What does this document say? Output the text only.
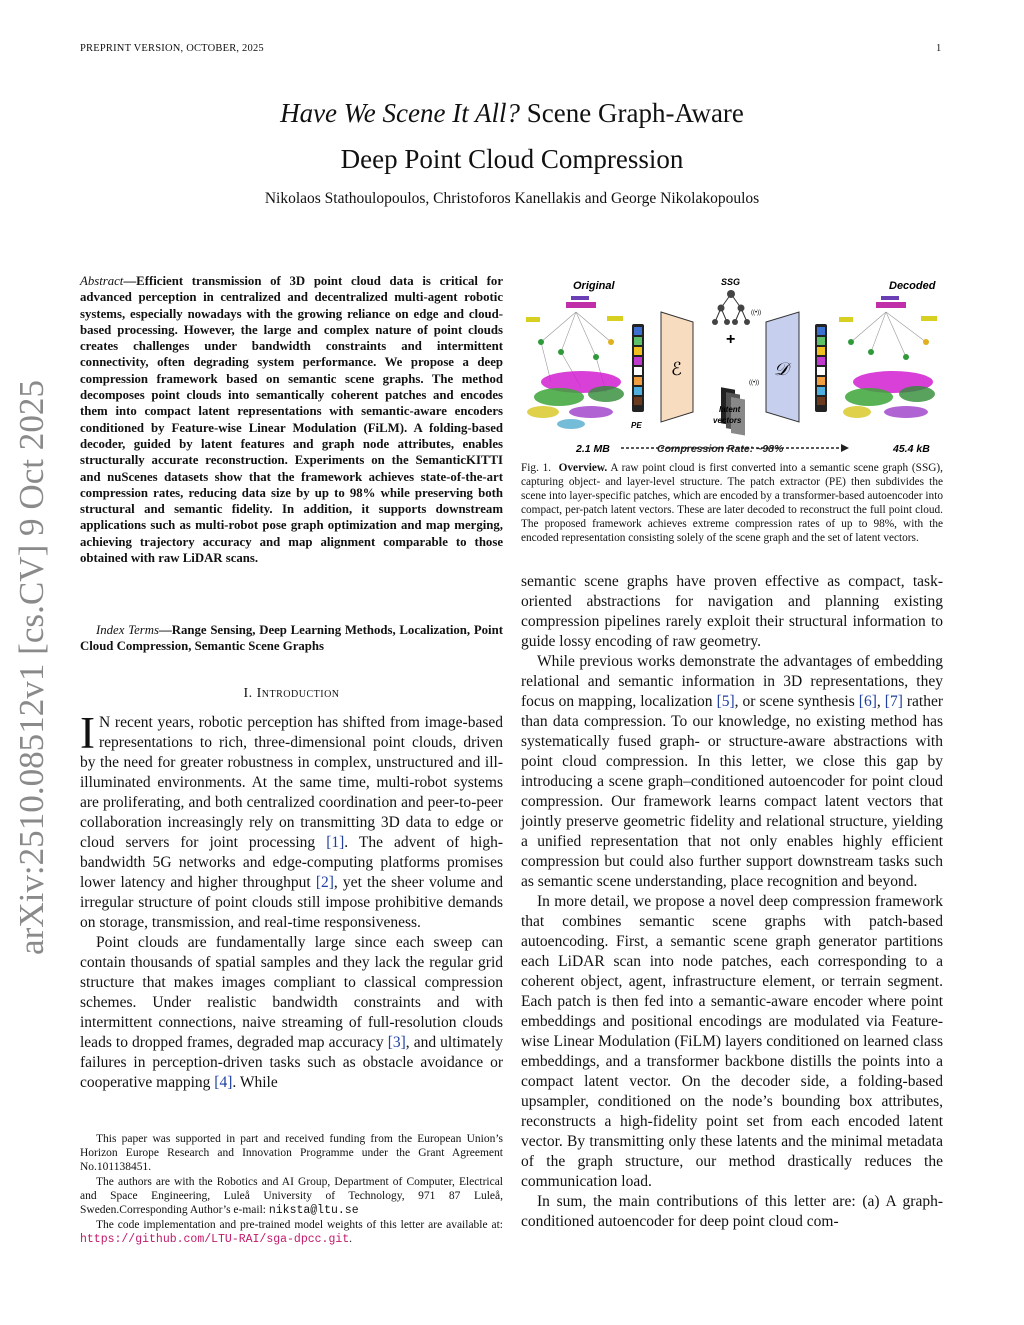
PREPRINT VERSION, OCTOBER, 2025	1
arXiv:2510.08512v1 [cs.CV] 9 Oct 2025
Have We Scene It All? Scene Graph-Aware
Deep Point Cloud Compression
Nikolaos Stathoulopoulos, Christoforos Kanellakis and George Nikolakopoulos
Abstract—Efficient transmission of 3D point cloud data is critical for advanced perception in centralized and decentralized multi-agent robotic systems, especially nowadays with the growing reliance on edge and cloud-based processing. However, the large and complex nature of point clouds creates challenges under bandwidth constraints and intermittent connectivity, often degrading system performance. We propose a deep compression framework based on semantic scene graphs. The method decomposes point clouds into semantically coherent patches and encodes them into compact latent representations with semantic-aware encoders conditioned by Feature-wise Linear Modulation (FiLM). A folding-based decoder, guided by latent features and graph node attributes, enables structurally accurate reconstruction. Experiments on the SemanticKITTI and nuScenes datasets show that the framework achieves state-of-the-art compression rates, reducing data size by up to 98% while preserving both structural and semantic fidelity. In addition, it supports downstream applications such as multi-robot pose graph optimization and map merging, achieving trajectory accuracy and map alignment comparable to those obtained with raw LiDAR scans.
Index Terms—Range Sensing, Deep Learning Methods, Localization, Point Cloud Compression, Semantic Scene Graphs
I. Introduction

I N recent years, robotic perception has shifted from image-based representations to rich, three-dimensional point clouds, driven by the need for greater robustness in complex, unstructured and ill-illuminated environments. At the same time, multi-robot systems are proliferating, and both centralized coordination and peer-to-peer collaboration increasingly rely on transmitting 3D data to edge or cloud servers for joint processing [1]. The advent of high-bandwidth 5G networks and edge-computing platforms promises lower latency and higher throughput [2], yet the sheer volume and irregular structure of point clouds still impose prohibitive demands on storage, transmission, and real-time responsiveness.

Point clouds are fundamentally large since each sweep can contain thousands of spatial samples and they lack the regular grid structure that makes images compliant to classical compression schemes. Under realistic bandwidth constraints and with intermittent connections, naive streaming of full-resolution clouds leads to dropped frames, degraded map accuracy [3], and ultimately failures in perception-driven tasks such as obstacle avoidance or cooperative mapping [4]. While

This paper was supported in part and received funding from the European Union’s Horizon Europe Research and Innovation Programme under the Grant Agreement No.101138451.

The authors are with the Robotics and AI Group, Department of Computer, Electrical and Space Engineering, Luleå University of Technology, 971 87 Luleå, Sweden.Corresponding Author’s e-mail: niksta@ltu.se

The code implementation and pre-trained model weights of this letter are available at: https://github.com/LTU-RAI/sga-dpcc.git.

Original	SSG	Decoded
PE
ℰ
((•))
+
((•))
latent
vectors
𝒟
2.1 MB	Compression Rate: ~98%	45.4 kB
Fig. 1. Overview. A raw point cloud is first converted into a semantic scene graph (SSG), capturing object- and layer-level structure. The patch extractor (PE) then subdivides the scene into layer-specific patches, which are encoded by a transformer-based autoencoder into compact, per-patch latent vectors. These are later decoded to reconstruct the full point cloud. The proposed framework achieves extreme compression rates of up to 98%, with the encoded representation consisting solely of the scene graph and the set of latent vectors.

semantic scene graphs have proven effective as compact, task-oriented abstractions for navigation and planning existing compression pipelines rarely exploit their structural information to guide lossy encoding of raw geometry.

While previous works demonstrate the advantages of embedding relational and semantic information in 3D representations, they focus on mapping, localization [5], or scene synthesis [6], [7] rather than data compression. To our knowledge, no existing method has systematically fused graph- or structure-aware abstractions with point cloud compression. In this letter, we close this gap by introducing a scene graph–conditioned autoencoder for point cloud compression. Our framework learns compact latent vectors that jointly preserve geometric fidelity and relational structure, yielding a unified representation that not only enables highly efficient compression but could also further support downstream tasks such as semantic scene understanding, place recognition and beyond.

In more detail, we propose a novel deep compression framework that combines semantic scene graphs with patch-based autoencoding. First, a semantic scene graph generator partitions each LiDAR scan into node patches, each corresponding to a coherent object, agent, infrastructure element, or terrain segment. Each patch is then fed into a semantic-aware encoder where point embeddings and positional encodings are modulated via Feature-wise Linear Modulation (FiLM) layers conditioned on learned class embeddings, and a transformer backbone distills the points into a compact latent vector. On the decoder side, a folding-based upsampler, conditioned on the node’s bounding box attributes, reconstructs a high-fidelity point set from each encoded latent vector. By transmitting only these latents and the minimal metadata of the graph structure, our method drastically reduces the communication load.

In sum, the main contributions of this letter are: (a) A graph-conditioned autoencoder for deep point cloud com-
